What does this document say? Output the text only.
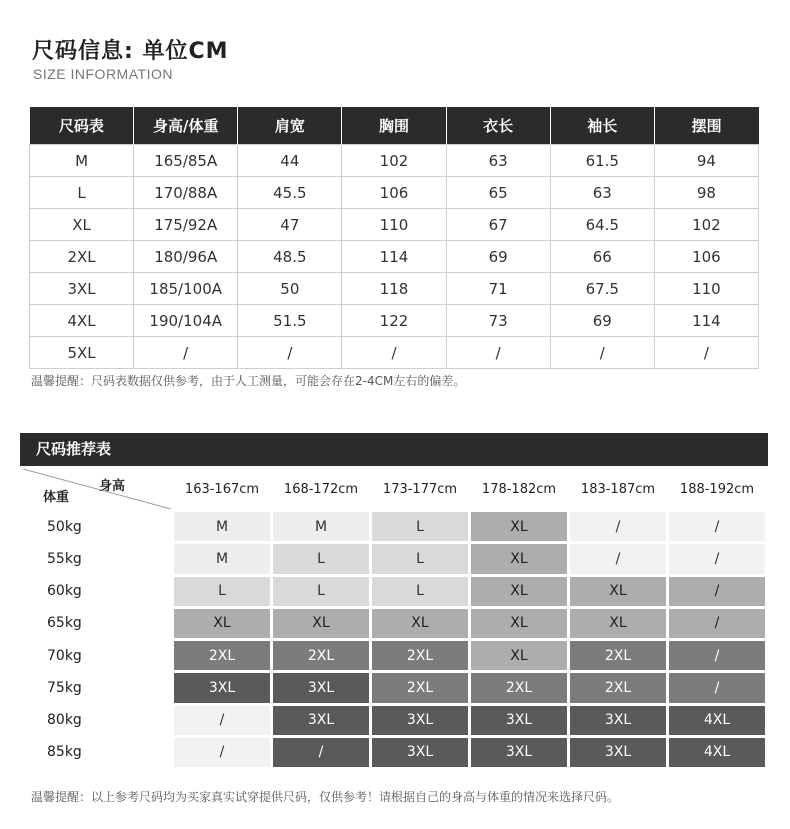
尺码信息: 单位CM
SIZE INFORMATION
尺码表	身高/体重	肩宽	胸围	衣长	袖长	摆围
M	165/85A	44	102	63	61.5	94
L	170/88A	45.5	106	65	63	98
XL	175/92A	47	110	67	64.5	102
2XL	180/96A	48.5	114	69	66	106
3XL	185/100A	50	118	71	67.5	110
4XL	190/104A	51.5	122	73	69	114
5XL	/	/	/	/	/	/
温馨提醒：尺码表数据仅供参考，由于人工测量，可能会存在2-4CM左右的偏差。
尺码推荐表
身高
体重	163-167cm	168-172cm	173-177cm	178-182cm	183-187cm	188-192cm
50kg	M	M	L	XL	/	/
55kg	M	L	L	XL	/	/
60kg	L	L	L	XL	XL	/
65kg	XL	XL	XL	XL	XL	/
70kg	2XL	2XL	2XL	XL	2XL	/
75kg	3XL	3XL	2XL	2XL	2XL	/
80kg	/	3XL	3XL	3XL	3XL	4XL
85kg	/	/	3XL	3XL	3XL	4XL
温馨提醒：以上参考尺码均为买家真实试穿提供尺码，仅供参考！请根据自己的身高与体重的情况来选择尺码。
